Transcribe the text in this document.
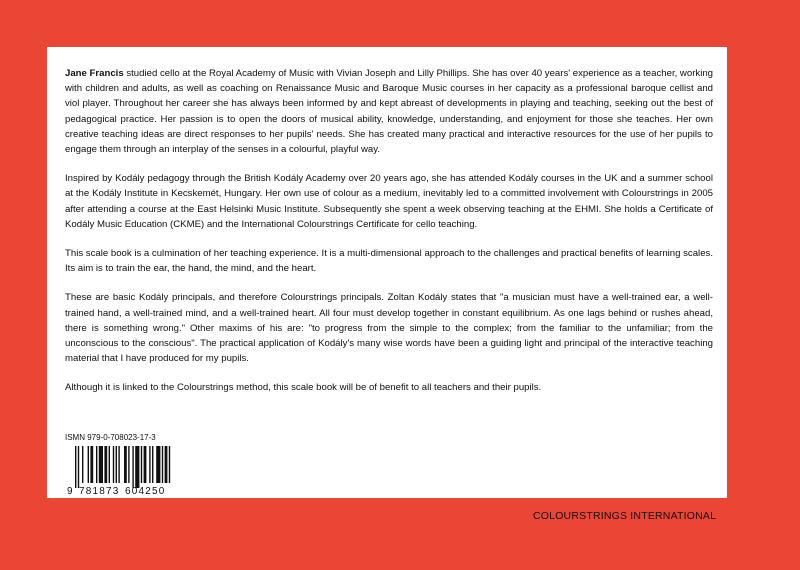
Jane Francis studied cello at the Royal Academy of Music with Vivian Joseph and Lilly Phillips. She has over 40 years' experience as a teacher, working with children and adults, as well as coaching on Renaissance Music and Baroque Music courses in her capacity as a professional baroque cellist and viol player. Throughout her career she has always been informed by and kept abreast of developments in playing and teaching, seeking out the best of pedagogical practice. Her passion is to open the doors of musical ability, knowledge, understanding, and enjoyment for those she teaches. Her own creative teaching ideas are direct responses to her pupils' needs. She has created many practical and interactive resources for the use of her pupils to engage them through an interplay of the senses in a colourful, playful way.

Inspired by Kodály pedagogy through the British Kodály Academy over 20 years ago, she has attended Kodály courses in the UK and a summer school at the Kodály Institute in Kecskemét, Hungary. Her own use of colour as a medium, inevitably led to a committed involvement with Colourstrings in 2005 after attending a course at the East Helsinki Music Institute. Subsequently she spent a week observing teaching at the EHMI. She holds a Certificate of Kodály Music Education (CKME) and the International Colourstrings Certificate for cello teaching.

This scale book is a culmination of her teaching experience. It is a multi-dimensional approach to the challenges and practical benefits of learning scales. Its aim is to train the ear, the hand, the mind, and the heart.

These are basic Kodály principals, and therefore Colourstrings principals. Zoltan Kodály states that "a musician must have a well-trained ear, a well-trained hand, a well-trained mind, and a well-trained heart. All four must develop together in constant equilibrium. As one lags behind or rushes ahead, there is something wrong." Other maxims of his are: "to progress from the simple to the complex; from the familiar to the unfamiliar; from the unconscious to the conscious". The practical application of Kodály's many wise words have been a guiding light and principal of the interactive teaching material that I have produced for my pupils.

Although it is linked to the Colourstrings method, this scale book will be of benefit to all teachers and their pupils.

ISMN 979-0-708023-17-3
9 781873 604250
COLOURSTRINGS INTERNATIONAL
